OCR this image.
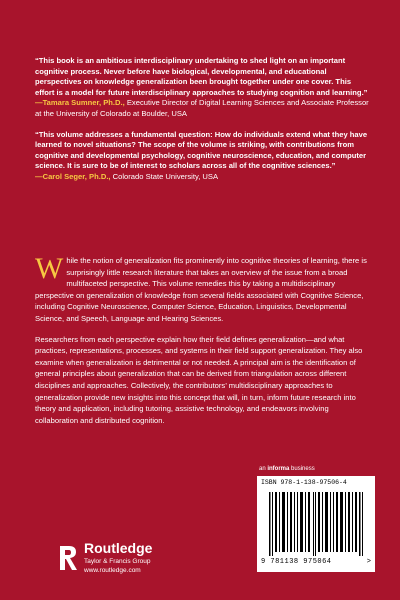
“This book is an ambitious interdisciplinary undertaking to shed light on an important cognitive process. Never before have biological, developmental, and educational perspectives on knowledge generalization been brought together under one cover. This effort is a model for future interdisciplinary approaches to studying cognition and learning.”
—Tamara Sumner, Ph.D., Executive Director of Digital Learning Sciences and Associate Professor at the University of Colorado at Boulder, USA

“This volume addresses a fundamental question: How do individuals extend what they have learned to novel situations? The scope of the volume is striking, with contributions from cognitive and developmental psychology, cognitive neuroscience, education, and computer science. It is sure to be of interest to scholars across all of the cognitive sciences.”
—Carol Seger, Ph.D., Colorado State University, USA

While the notion of generalization fits prominently into cognitive theories of learning, there is surprisingly little research literature that takes an overview of the issue from a broad multifaceted perspective. This volume remedies this by taking a multidisciplinary perspective on generalization of knowledge from several fields associated with Cognitive Science, including Cognitive Neuroscience, Computer Science, Education, Linguistics, Developmental Science, and Speech, Language and Hearing Sciences.

Researchers from each perspective explain how their field defines generalization—and what practices, representations, processes, and systems in their field support generalization. They also examine when generalization is detrimental or not needed. A principal aim is the identification of general principles about generalization that can be derived from triangulation across different disciplines and approaches. Collectively, the contributors’ multidisciplinary approaches to generalization provide new insights into this concept that will, in turn, inform future research into theory and application, including tutoring, assistive technology, and endeavors involving collaboration and distributed cognition.

an informa business
ISBN 978-1-138-97506-4
9 781138 975064	>
Routledge
Taylor & Francis Group
www.routledge.com
